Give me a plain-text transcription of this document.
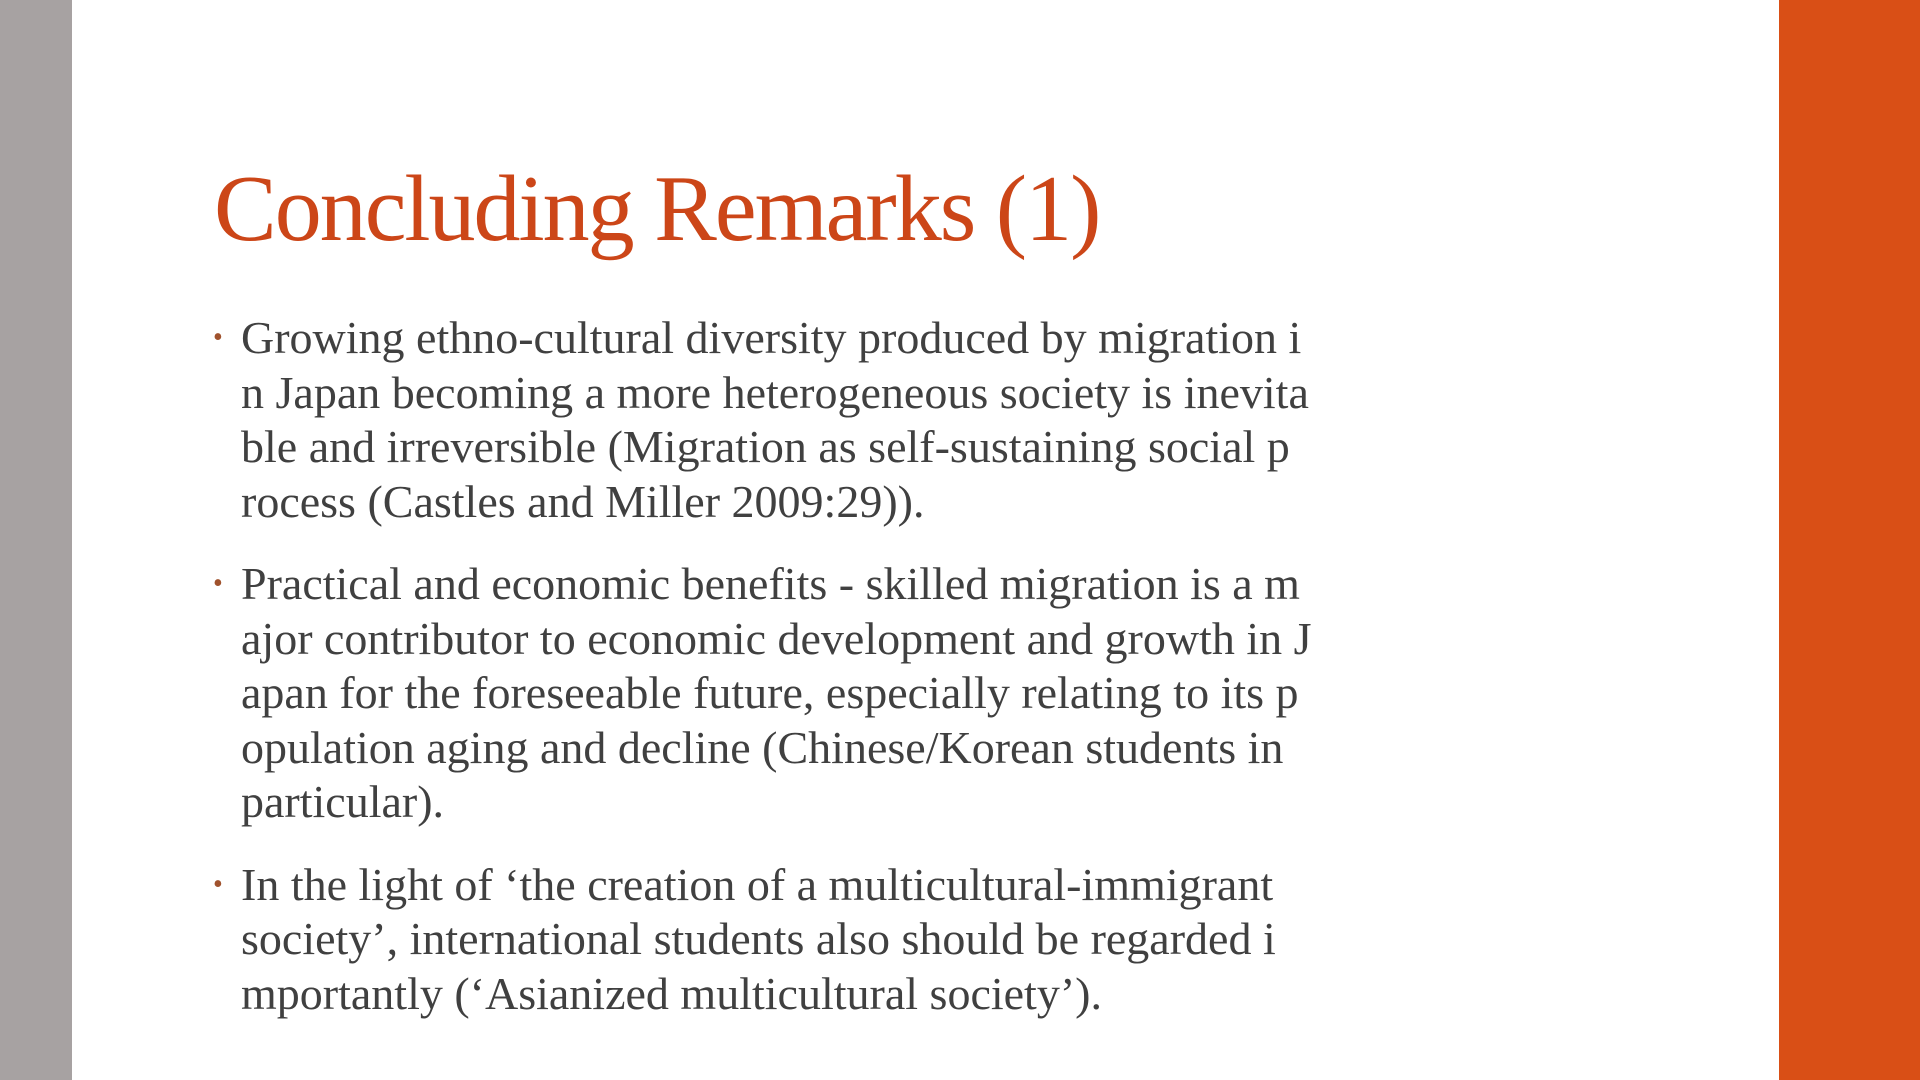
Concluding Remarks (1)
• Growing ethno-cultural diversity produced by migration i
n Japan becoming a more heterogeneous society is inevita
ble and irreversible (Migration as self-sustaining social p
rocess (Castles and Miller 2009:29)).
• Practical and economic benefits - skilled migration is a m
ajor contributor to economic development and growth in J
apan for the foreseeable future, especially relating to its p
opulation aging and decline (Chinese/Korean students in
particular).
• In the light of ‘the creation of a multicultural-immigrant
society’, international students also should be regarded i
mportantly (‘Asianized multicultural society’).
